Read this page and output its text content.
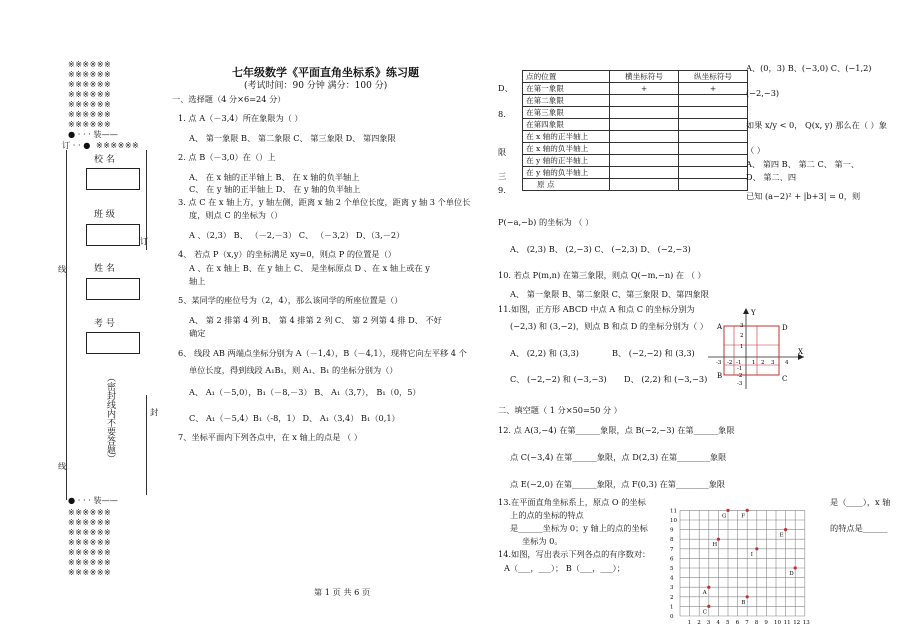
※※※※※※
※※※※※※
※※※※※※
※※※※※※
※※※※※※
※※※※※※
※※※※※※
● · · · 装——
订 · · ● ※※※※※※
校 名
班 级
姓 名
考 号
（密封线内不要答题）
线
线
订
封
● · · · 装——
※※※※※※
※※※※※※
※※※※※※
※※※※※※
※※※※※※
※※※※※※
※※※※※※
七年级数学《平面直角坐标系》练习题
(考试时间：90 分钟 满分：100 分)
一、选择题（4 分×6=24 分）
1. 点 A（－3,4）所在象限为（ ）
A、 第一象限 B、 第二象限 C、 第三象限 D、 第四象限
2. 点 B（－3,0）在（）上
A、 在 x 轴的正半轴上 B、 在 x 轴的负半轴上
C、 在 y 轴的正半轴上 D、 在 y 轴的负半轴上
3. 点 C 在 x 轴上方，y 轴左侧，距离 x 轴 2 个单位长度，距离 y 轴 3 个单位长
度，则点 C 的坐标为（）
A 、（2,3） B、 （－2,－3） C、 （－3,2） D、（3,－2）
4、 若点 P（x,y）的坐标满足 xy=0，则点 P 的位置是（）
A 、在 x 轴上 B、在 y 轴上 C、 是坐标原点 D 、在 x 轴上或在 y
轴上
5、某同学的座位号为（2，4），那么该同学的所座位置是（）
A、 第 2 排第 4 列 B、 第 4 排第 2 列 C、 第 2 列第 4 排 D、 不好
确定
6、 线段 AB 两端点坐标分别为 A（－1,4），B（－4,1），现将它向左平移 4 个
单位长度，得到线段 A₁B₁，则 A₁、B₁ 的坐标分别为（）
A、 A₁（－5,0），B₁（－8,－3） B、 A₁（3,7）， B₁（0，5）
C、 A₁（－5,4）B₁（-8，1） D、 A₁（3,4） B₁（0,1）
7、坐标平面内下列各点中，在 x 轴上的点是 （ ）
第 1 页 共 6 页
D、
8.
限
三
9.
点的位置	横坐标符号	纵坐标符号
在第一象限	+	+
在第二象限		
在第三象限		
在第四象限		
在 x 轴的正半轴上		
在 x 轴的负半轴上		
在 y 轴的正半轴上		
在 y 轴的负半轴上		
原 点		
P(−a,−b) 的坐标为 （ ）
A、 (2,3) B、 (2,−3) C、 (−2,3) D、 (−2,−3)
10. 若点 P(m,n) 在第三象限，则点 Q(−m,−n) 在 （ ）
A、 第一象限 B、第二象限 C、第三象限 D、第四象限
11.如图，正方形 ABCD 中点 A 和点 C 的坐标分别为
(−2,3) 和 (3,−2)，则点 B 和点 D 的坐标分别为（ ）
A、 (2,2) 和 (3,3)	B、 (−2,−2) 和 (3,3)
C、 (−2,−2) 和 (−3,−3) D、 (2,2) 和 (−3,−3)
A
B	C
D
X
Y
-3 -2 -1 1 2 3 4
3
2
1
-1
-2
-3
二、填空题（ 1 分×50=50 分 ）
12. 点 A(3,−4) 在第______象限，点 B(−2,−3) 在第______象限
点 C(−3,4) 在第______象限，点 D(2,3) 在第________象限
点 E(−2,0) 在第______象限，点 F(0,3) 在第________象限
13.在平面直角坐标系上，原点 O 的坐标
上的点的坐标的特点
是______坐标为 0；y 轴上的点的坐标
坐标为 0。
14.如图，写出表示下列各点的有序数对：
A（___，___）； B（___，___）；
A、(0，3) B、(−3,0) C、(−1,2)
(−2,−3)
如果 x/y < 0， Q(x, y) 那么在（ ）象
（ ）
A、 第四 B、 第二 C、 第一、
D、 第二、四
已知 (a−2)² + |b+3| = 0，则
是（____），x 轴
的特点是______
1 2 3 4 5 6 7 8 9 10 11 12 13
11
10
9
8
7
6
5
4
3
2
1
0
G	F
E
H
I
D
A
B
C
